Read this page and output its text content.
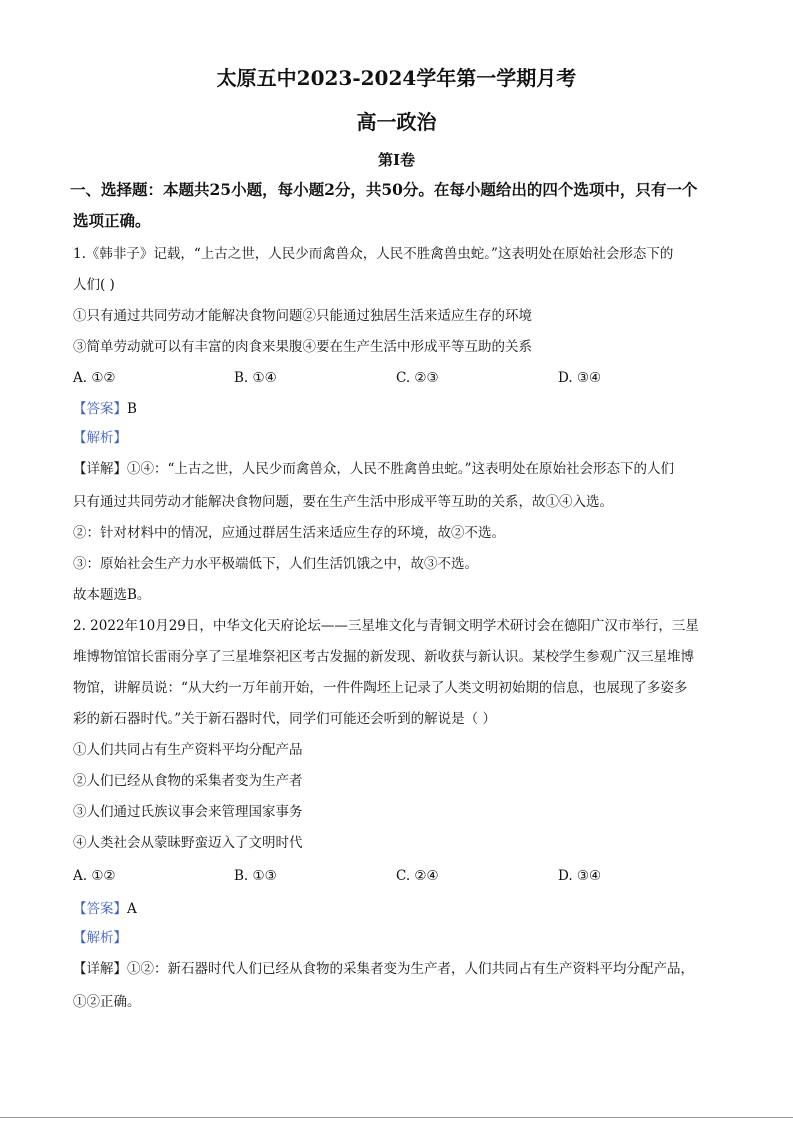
太原五中2023-2024学年第一学期月考
高一政治
第Ⅰ卷
一、选择题：本题共25小题，每小题2分，共50分。在每小题给出的四个选项中，只有一个
选项正确。
1.《韩非子》记载，“上古之世，人民少而禽兽众，人民不胜禽兽虫蛇。”这表明处在原始社会形态下的
人们( )
①只有通过共同劳动才能解决食物问题②只能通过独居生活来适应生存的环境
③简单劳动就可以有丰富的肉食来果腹④要在生产生活中形成平等互助的关系
A. ①②	B. ①④	C. ②③	D. ③④
【答案】B
【解析】
【详解】①④：“上古之世，人民少而禽兽众，人民不胜禽兽虫蛇。”这表明处在原始社会形态下的人们
只有通过共同劳动才能解决食物问题，要在生产生活中形成平等互助的关系，故①④入选。
②：针对材料中的情况，应通过群居生活来适应生存的环境，故②不选。
③：原始社会生产力水平极端低下，人们生活饥饿之中，故③不选。
故本题选B。
2. 2022年10月29日，中华文化天府论坛——三星堆文化与青铜文明学术研讨会在德阳广汉市举行，三星
堆博物馆馆长雷雨分享了三星堆祭祀区考古发掘的新发现、新收获与新认识。某校学生参观广汉三星堆博
物馆，讲解员说：“从大约一万年前开始，一件件陶坯上记录了人类文明初始期的信息，也展现了多姿多
彩的新石器时代。”关于新石器时代，同学们可能还会听到的解说是（ ）
①人们共同占有生产资料平均分配产品
②人们已经从食物的采集者变为生产者
③人们通过氏族议事会来管理国家事务
④人类社会从蒙昧野蛮迈入了文明时代
A. ①②	B. ①③	C. ②④	D. ③④
【答案】A
【解析】
【详解】①②：新石器时代人们已经从食物的采集者变为生产者，人们共同占有生产资料平均分配产品，
①②正确。
